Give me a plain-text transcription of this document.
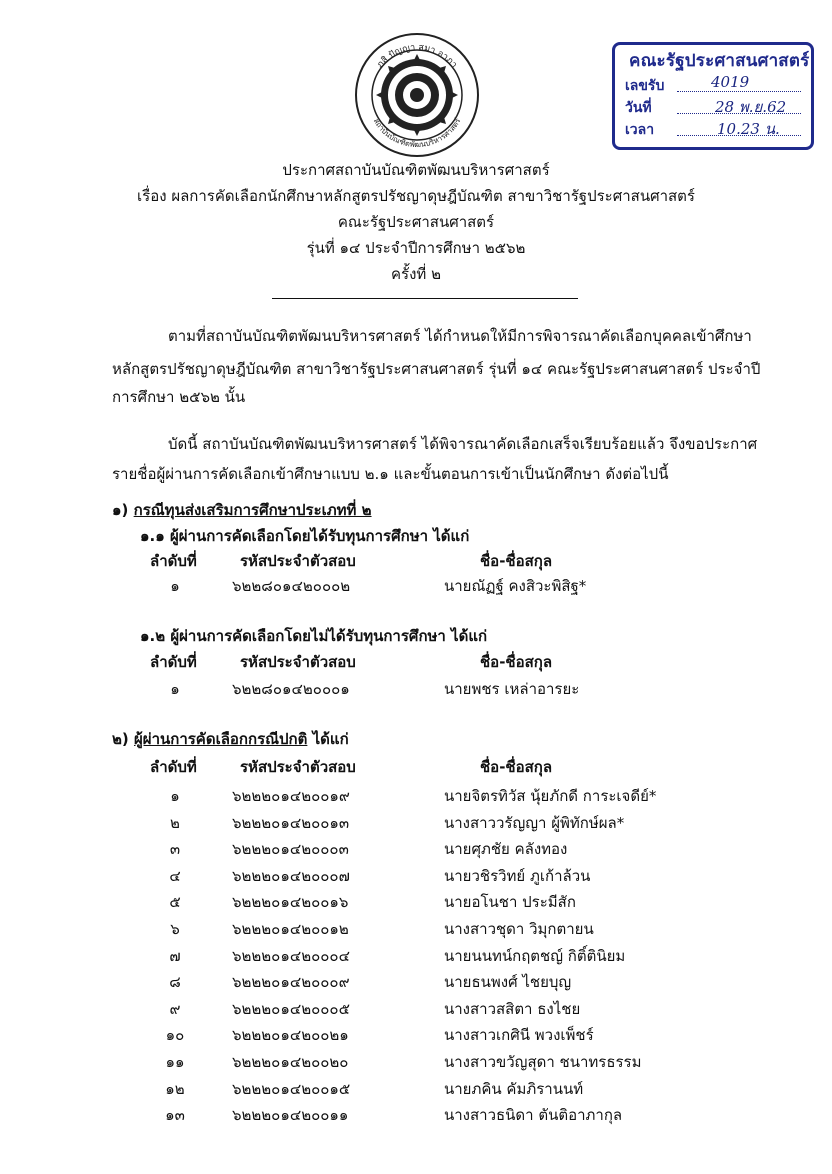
ภสิ ปัญญา สมา อาภา
สถาบันบัณฑิตพัฒนบริหารศาสตร์
คณะรัฐประศาสนศาสตร์
เลขรับ	4019
วันที่	28 พ.ย.62
เวลา	10.23 น.
ประกาศสถาบันบัณฑิตพัฒนบริหารศาสตร์
เรื่อง ผลการคัดเลือกนักศึกษาหลักสูตรปรัชญาดุษฎีบัณฑิต สาขาวิชารัฐประศาสนศาสตร์
คณะรัฐประศาสนศาสตร์
รุ่นที่ ๑๔ ประจำปีการศึกษา ๒๕๖๒
ครั้งที่ ๒
ตามที่สถาบันบัณฑิตพัฒนบริหารศาสตร์ ได้กำหนดให้มีการพิจารณาคัดเลือกบุคคลเข้าศึกษา
หลักสูตรปรัชญาดุษฎีบัณฑิต สาขาวิชารัฐประศาสนศาสตร์ รุ่นที่ ๑๔ คณะรัฐประศาสนศาสตร์ ประจำปี
การศึกษา ๒๕๖๒ นั้น
บัดนี้ สถาบันบัณฑิตพัฒนบริหารศาสตร์ ได้พิจารณาคัดเลือกเสร็จเรียบร้อยแล้ว จึงขอประกาศ
รายชื่อผู้ผ่านการคัดเลือกเข้าศึกษาแบบ ๒.๑ และขั้นตอนการเข้าเป็นนักศึกษา ดังต่อไปนี้
๑) กรณีทุนส่งเสริมการศึกษาประเภทที่ ๒
๑.๑ ผู้ผ่านการคัดเลือกโดยได้รับทุนการศึกษา ได้แก่
ลำดับที่	รหัสประจำตัวสอบ	ชื่อ-ชื่อสกุล
๑	๖๒๒๘๐๑๔๒๐๐๐๒	นายณัฏฐ์ คงสิวะพิสิฐ*
๑.๒ ผู้ผ่านการคัดเลือกโดยไม่ได้รับทุนการศึกษา ได้แก่
ลำดับที่	รหัสประจำตัวสอบ	ชื่อ-ชื่อสกุล
๑	๖๒๒๘๐๑๔๒๐๐๐๑	นายพชร เหล่าอารยะ
๒) ผู้ผ่านการคัดเลือกกรณีปกติ ได้แก่
ลำดับที่	รหัสประจำตัวสอบ	ชื่อ-ชื่อสกุล
๑	๖๒๒๒๐๑๔๒๐๐๑๙	นายจิตรทิวัส นุ้ยภักดี การะเจดีย์*
๒	๖๒๒๒๐๑๔๒๐๐๑๓	นางสาววรัญญา ผู้พิทักษ์ผล*
๓	๖๒๒๒๐๑๔๒๐๐๐๓	นายศุภชัย คลังทอง
๔	๖๒๒๒๐๑๔๒๐๐๐๗	นายวชิรวิทย์ ภูเก้าล้วน
๕	๖๒๒๒๐๑๔๒๐๐๑๖	นายอโนชา ประมีสัก
๖	๖๒๒๒๐๑๔๒๐๐๑๒	นางสาวชุดา วิมุกตายน
๗	๖๒๒๒๐๑๔๒๐๐๐๔	นายนนทน์กฤตชญ์ กิติ์ตินิยม
๘	๖๒๒๒๐๑๔๒๐๐๐๙	นายธนพงศ์ ไชยบุญ
๙	๖๒๒๒๐๑๔๒๐๐๐๕	นางสาวสสิตา ธงไชย
๑๐	๖๒๒๒๐๑๔๒๐๐๒๑	นางสาวเกศินี พวงเพ็ชร์
๑๑	๖๒๒๒๐๑๔๒๐๐๒๐	นางสาวขวัญสุดา ชนาทรธรรม
๑๒	๖๒๒๒๐๑๔๒๐๐๑๕	นายภคิน คัมภิรานนท์
๑๓	๖๒๒๒๐๑๔๒๐๐๑๑	นางสาวธนิดา ตันติอาภากุล
